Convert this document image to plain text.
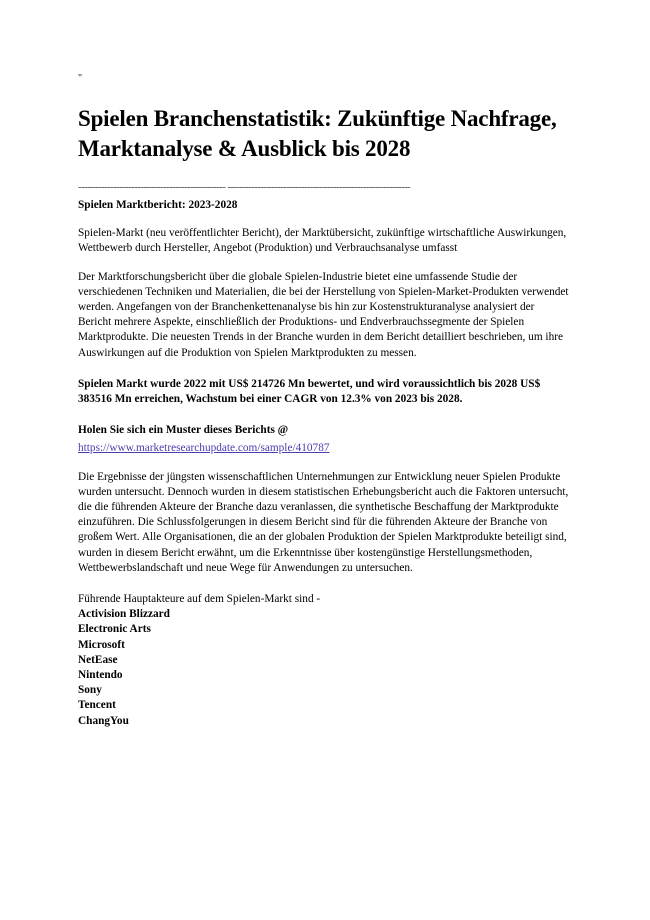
"
Spielen Branchenstatistik: Zukünftige Nachfrage, Marktanalyse & Ausblick bis 2028
-------------------------------------------------- --------------------------------------------------------------

Spielen Marktbericht: 2023-2028

Spielen-Markt (neu veröffentlichter Bericht), der Marktübersicht, zukünftige wirtschaftliche Auswirkungen, Wettbewerb durch Hersteller, Angebot (Produktion) und Verbrauchsanalyse umfasst

Der Marktforschungsbericht über die globale Spielen-Industrie bietet eine umfassende Studie der verschiedenen Techniken und Materialien, die bei der Herstellung von Spielen-Market-Produkten verwendet werden. Angefangen von der Branchenkettenanalyse bis hin zur Kostenstrukturanalyse analysiert der Bericht mehrere Aspekte, einschließlich der Produktions- und Endverbrauchssegmente der Spielen Marktprodukte. Die neuesten Trends in der Branche wurden in dem Bericht detailliert beschrieben, um ihre Auswirkungen auf die Produktion von Spielen Marktprodukten zu messen.

Spielen Markt wurde 2022 mit US$ 214726 Mn bewertet, und wird voraussichtlich bis 2028 US$ 383516 Mn erreichen, Wachstum bei einer CAGR von 12.3% von 2023 bis 2028.

Holen Sie sich ein Muster dieses Berichts @

https://www.marketresearchupdate.com/sample/410787

Die Ergebnisse der jüngsten wissenschaftlichen Unternehmungen zur Entwicklung neuer Spielen Produkte wurden untersucht. Dennoch wurden in diesem statistischen Erhebungsbericht auch die Faktoren untersucht, die die führenden Akteure der Branche dazu veranlassen, die synthetische Beschaffung der Marktprodukte einzuführen. Die Schlussfolgerungen in diesem Bericht sind für die führenden Akteure der Branche von großem Wert. Alle Organisationen, die an der globalen Produktion der Spielen Marktprodukte beteiligt sind, wurden in diesem Bericht erwähnt, um die Erkenntnisse über kostengünstige Herstellungsmethoden, Wettbewerbslandschaft und neue Wege für Anwendungen zu untersuchen.

Führende Hauptakteure auf dem Spielen-Markt sind -

Activision Blizzard
Electronic Arts
Microsoft
NetEase
Nintendo
Sony
Tencent
ChangYou
